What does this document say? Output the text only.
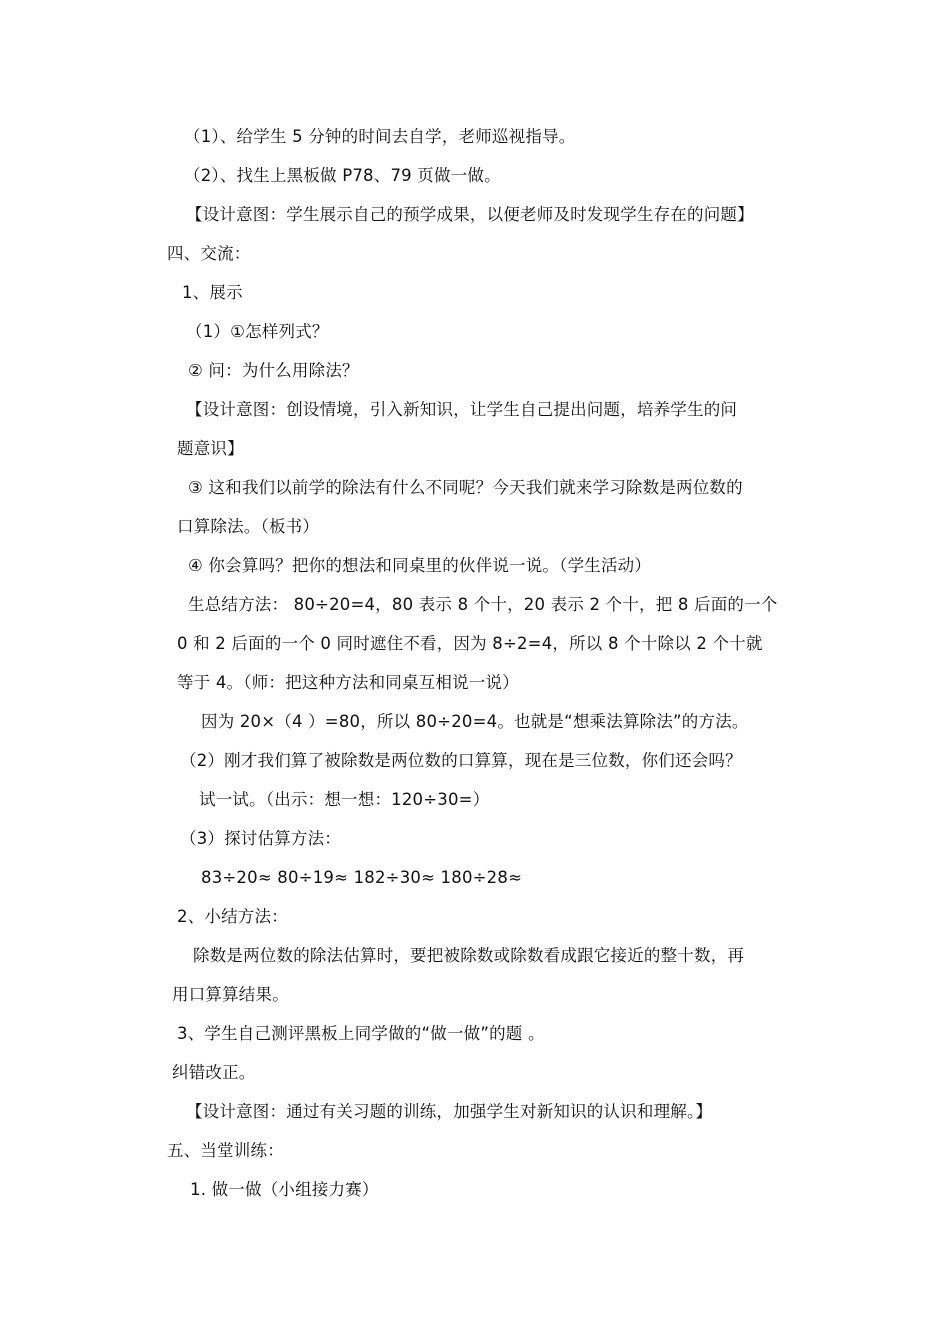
（1）、给学生 5 分钟的时间去自学，老师巡视指导。
（2）、找生上黑板做 P78、79 页做一做。
【设计意图：学生展示自己的预学成果，以便老师及时发现学生存在的问题】
四、交流：
1、展示
（1）①怎样列式？
② 问：为什么用除法？
【设计意图：创设情境，引入新知识，让学生自己提出问题，培养学生的问
题意识】
③ 这和我们以前学的除法有什么不同呢？今天我们就来学习除数是两位数的
口算除法。（板书）
④ 你会算吗？把你的想法和同桌里的伙伴说一说。（学生活动）
生总结方法： 80÷20=4，80 表示 8 个十，20 表示 2 个十，把 8 后面的一个
0 和 2 后面的一个 0 同时遮住不看，因为 8÷2=4，所以 8 个十除以 2 个十就
等于 4。（师：把这种方法和同桌互相说一说）
因为 20×（4 ）=80，所以 80÷20=4。也就是“想乘法算除法”的方法。
（2）刚才我们算了被除数是两位数的口算算，现在是三位数，你们还会吗？
试一试。（出示：想一想：120÷30=）
（3）探讨估算方法：
83÷20≈ 80÷19≈ 182÷30≈ 180÷28≈
2、小结方法：
除数是两位数的除法估算时，要把被除数或除数看成跟它接近的整十数，再
用口算算结果。
3、学生自己测评黑板上同学做的“做一做”的题 。
纠错改正。
【设计意图：通过有关习题的训练，加强学生对新知识的认识和理解。】
五、当堂训练：
1. 做一做（小组接力赛）
